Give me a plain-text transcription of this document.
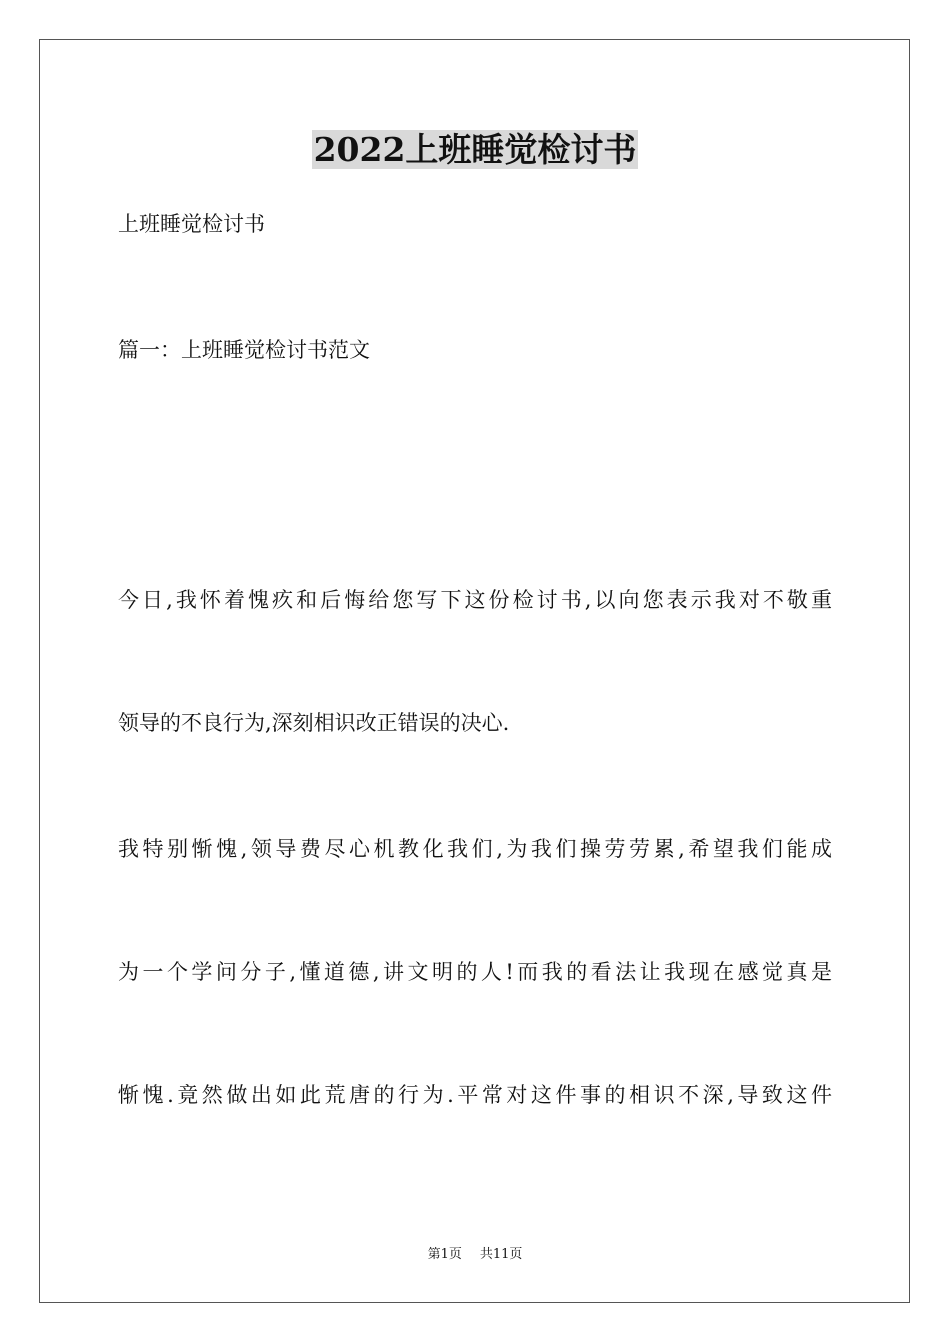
2022上班睡觉检讨书

上班睡觉检讨书

篇一：上班睡觉检讨书范文

今日,我怀着愧疚和后悔给您写下这份检讨书,以向您表示我对不敬重

领导的不良行为,深刻相识改正错误的决心.

我特别惭愧,领导费尽心机教化我们,为我们操劳劳累,希望我们能成

为一个学问分子,懂道德,讲文明的人!而我的看法让我现在感觉真是

惭愧.竟然做出如此荒唐的行为.平常对这件事的相识不深,导致这件

第1页 共11页
